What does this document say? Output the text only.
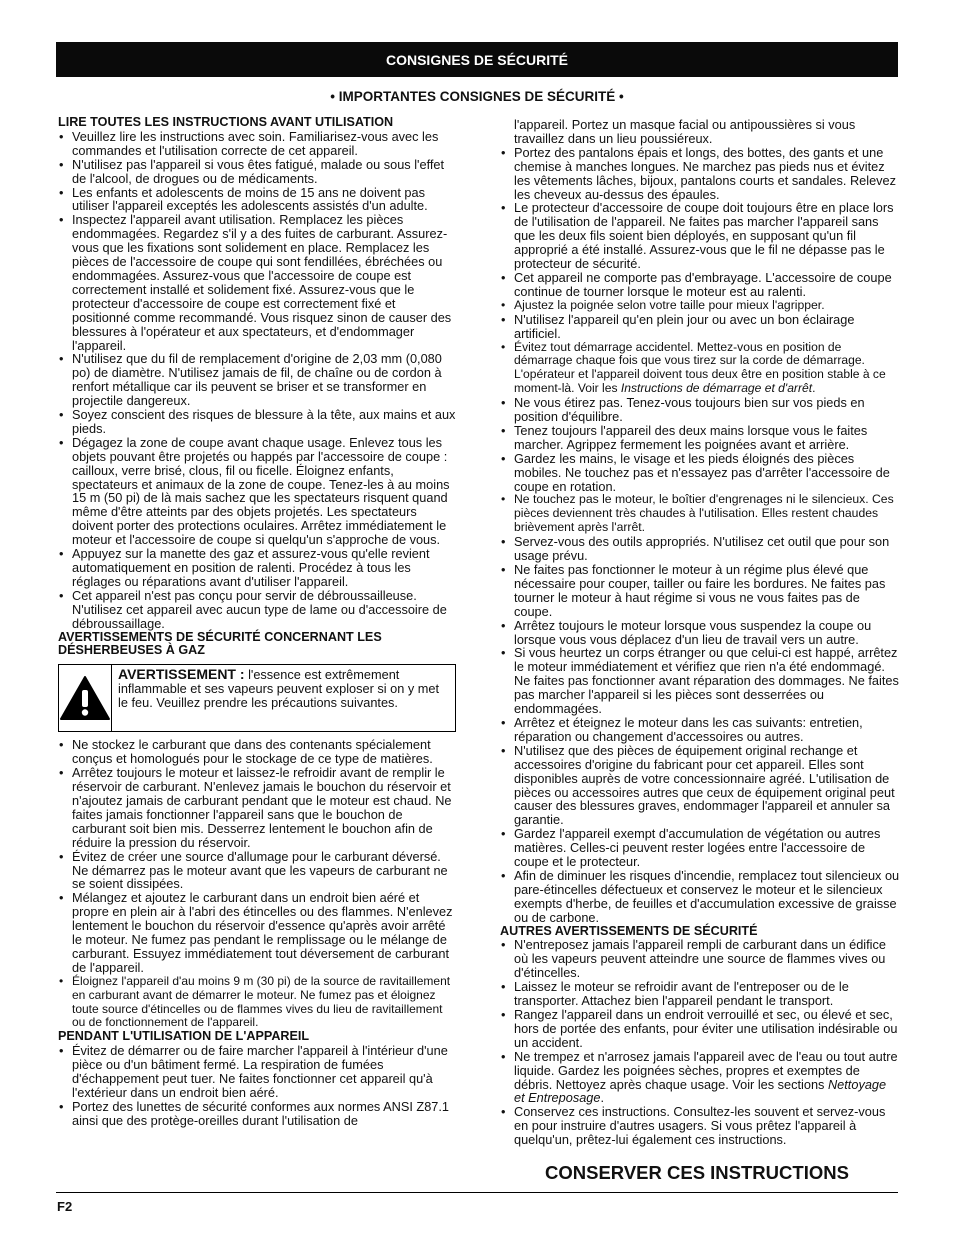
CONSIGNES DE SÉCURITÉ
• IMPORTANTES CONSIGNES DE SÉCURITÉ •
LIRE TOUTES LES INSTRUCTIONS AVANT UTILISATION
• Veuillez lire les instructions avec soin. Familiarisez-vous avec les commandes et l'utilisation correcte de cet appareil.
• N'utilisez pas l'appareil si vous êtes fatigué, malade ou sous l'effet de l'alcool, de drogues ou de médicaments.
• Les enfants et adolescents de moins de 15 ans ne doivent pas utiliser l'appareil exceptés les adolescents assistés d'un adulte.
• Inspectez l'appareil avant utilisation. Remplacez les pièces endommagées. Regardez s'il y a des fuites de carburant. Assurez-vous que les fixations sont solidement en place. Remplacez les pièces de l'accessoire de coupe qui sont fendillées, ébréchées ou endommagées. Assurez-vous que l'accessoire de coupe est correctement installé et solidement fixé. Assurez-vous que le protecteur d'accessoire de coupe est correctement fixé et positionné comme recommandé. Vous risquez sinon de causer des blessures à l'opérateur et aux spectateurs, et d'endommager l'appareil.
• N'utilisez que du fil de remplacement d'origine de 2,03 mm (0,080 po) de diamètre. N'utilisez jamais de fil, de chaîne ou de cordon à renfort métallique car ils peuvent se briser et se transformer en projectile dangereux.
• Soyez conscient des risques de blessure à la tête, aux mains et aux pieds.
• Dégagez la zone de coupe avant chaque usage. Enlevez tous les objets pouvant être projetés ou happés par l'accessoire de coupe : cailloux, verre brisé, clous, fil ou ficelle. Éloignez enfants, spectateurs et animaux de la zone de coupe. Tenez-les à au moins 15 m (50 pi) de là mais sachez que les spectateurs risquent quand même d'être atteints par des objets projetés. Les spectateurs doivent porter des protections oculaires. Arrêtez immédiatement le moteur et l'accessoire de coupe si quelqu'un s'approche de vous.
• Appuyez sur la manette des gaz et assurez-vous qu'elle revient automatiquement en position de ralenti. Procédez à tous les réglages ou réparations avant d'utiliser l'appareil.
• Cet appareil n'est pas conçu pour servir de débroussailleuse. N'utilisez cet appareil avec aucun type de lame ou d'accessoire de débroussaillage.
AVERTISSEMENTS DE SÉCURITÉ CONCERNANT LES DÉSHERBEUSES À GAZ
AVERTISSEMENT : l'essence est extrêmement inflammable et ses vapeurs peuvent exploser si on y met le feu. Veuillez prendre les précautions suivantes.
• Ne stockez le carburant que dans des contenants spécialement conçus et homologués pour le stockage de ce type de matières.
• Arrêtez toujours le moteur et laissez-le refroidir avant de remplir le réservoir de carburant. N'enlevez jamais le bouchon du réservoir et n'ajoutez jamais de carburant pendant que le moteur est chaud. Ne faites jamais fonctionner l'appareil sans que le bouchon de carburant soit bien mis. Desserrez lentement le bouchon afin de réduire la pression du réservoir.
• Évitez de créer une source d'allumage pour le carburant déversé. Ne démarrez pas le moteur avant que les vapeurs de carburant ne se soient dissipées.
• Mélangez et ajoutez le carburant dans un endroit bien aéré et propre en plein air à l'abri des étincelles ou des flammes. N'enlevez lentement le bouchon du réservoir d'essence qu'après avoir arrêté le moteur. Ne fumez pas pendant le remplissage ou le mélange de carburant. Essuyez immédiatement tout déversement de carburant de l'appareil.
• Éloignez l'appareil d'au moins 9 m (30 pi) de la source de ravitaillement en carburant avant de démarrer le moteur. Ne fumez pas et éloignez toute source d'étincelles ou de flammes vives du lieu de ravitaillement ou de fonctionnement de l'appareil.
PENDANT L'UTILISATION DE L'APPAREIL
• Évitez de démarrer ou de faire marcher l'appareil à l'intérieur d'une pièce ou d'un bâtiment fermé. La respiration de fumées d'échappement peut tuer. Ne faites fonctionner cet appareil qu'à l'extérieur dans un endroit bien aéré.
• Portez des lunettes de sécurité conformes aux normes ANSI Z87.1 ainsi que des protège-oreilles durant l'utilisation de
l'appareil. Portez un masque facial ou antipoussières si vous travaillez dans un lieu poussiéreux.
• Portez des pantalons épais et longs, des bottes, des gants et une chemise à manches longues. Ne marchez pas pieds nus et évitez les vêtements lâches, bijoux, pantalons courts et sandales. Relevez les cheveux au-dessus des épaules.
• Le protecteur d'accessoire de coupe doit toujours être en place lors de l'utilisation de l'appareil. Ne faites pas marcher l'appareil sans que les deux fils soient bien déployés, en supposant qu'un fil approprié a été installé. Assurez-vous que le fil ne dépasse pas le protecteur de sécurité.
• Cet appareil ne comporte pas d'embrayage. L'accessoire de coupe continue de tourner lorsque le moteur est au ralenti.
• Ajustez la poignée selon votre taille pour mieux l'agripper.
• N'utilisez l'appareil qu'en plein jour ou avec un bon éclairage artificiel.
• Évitez tout démarrage accidentel. Mettez-vous en position de démarrage chaque fois que vous tirez sur la corde de démarrage. L'opérateur et l'appareil doivent tous deux être en position stable à ce moment-là. Voir les Instructions de démarrage et d'arrêt.
• Ne vous étirez pas. Tenez-vous toujours bien sur vos pieds en position d'équilibre.
• Tenez toujours l'appareil des deux mains lorsque vous le faites marcher. Agrippez fermement les poignées avant et arrière.
• Gardez les mains, le visage et les pieds éloignés des pièces mobiles. Ne touchez pas et n'essayez pas d'arrêter l'accessoire de coupe en rotation.
• Ne touchez pas le moteur, le boîtier d'engrenages ni le silencieux. Ces pièces deviennent très chaudes à l'utilisation. Elles restent chaudes brièvement après l'arrêt.
• Servez-vous des outils appropriés. N'utilisez cet outil que pour son usage prévu.
• Ne faites pas fonctionner le moteur à un régime plus élevé que nécessaire pour couper, tailler ou faire les bordures. Ne faites pas tourner le moteur à haut régime si vous ne vous faites pas de coupe.
• Arrêtez toujours le moteur lorsque vous suspendez la coupe ou lorsque vous vous déplacez d'un lieu de travail vers un autre.
• Si vous heurtez un corps étranger ou que celui-ci est happé, arrêtez le moteur immédiatement et vérifiez que rien n'a été endommagé. Ne faites pas fonctionner avant réparation des dommages. Ne faites pas marcher l'appareil si les pièces sont desserrées ou endommagées.
• Arrêtez et éteignez le moteur dans les cas suivants: entretien, réparation ou changement d'accessoires ou autres.
• N'utilisez que des pièces de équipement original rechange et accessoires d'origine du fabricant pour cet appareil. Elles sont disponibles auprès de votre concessionnaire agréé. L'utilisation de pièces ou accessoires autres que ceux de équipement original peut causer des blessures graves, endommager l'appareil et annuler sa garantie.
• Gardez l'appareil exempt d'accumulation de végétation ou autres matières. Celles-ci peuvent rester logées entre l'accessoire de coupe et le protecteur.
• Afin de diminuer les risques d'incendie, remplacez tout silencieux ou pare-étincelles défectueux et conservez le moteur et le silencieux exempts d'herbe, de feuilles et d'accumulation excessive de graisse ou de carbone.
AUTRES AVERTISSEMENTS DE SÉCURITÉ
• N'entreposez jamais l'appareil rempli de carburant dans un édifice où les vapeurs peuvent atteindre une source de flammes vives ou d'étincelles.
• Laissez le moteur se refroidir avant de l'entreposer ou de le transporter. Attachez bien l'appareil pendant le transport.
• Rangez l'appareil dans un endroit verrouillé et sec, ou élevé et sec, hors de portée des enfants, pour éviter une utilisation indésirable ou un accident.
• Ne trempez et n'arrosez jamais l'appareil avec de l'eau ou tout autre liquide. Gardez les poignées sèches, propres et exemptes de débris. Nettoyez après chaque usage. Voir les sections Nettoyage et Entreposage.
• Conservez ces instructions. Consultez-les souvent et servez-vous en pour instruire d'autres usagers. Si vous prêtez l'appareil à quelqu'un, prêtez-lui également ces instructions.
CONSERVER CES INSTRUCTIONS
F2
